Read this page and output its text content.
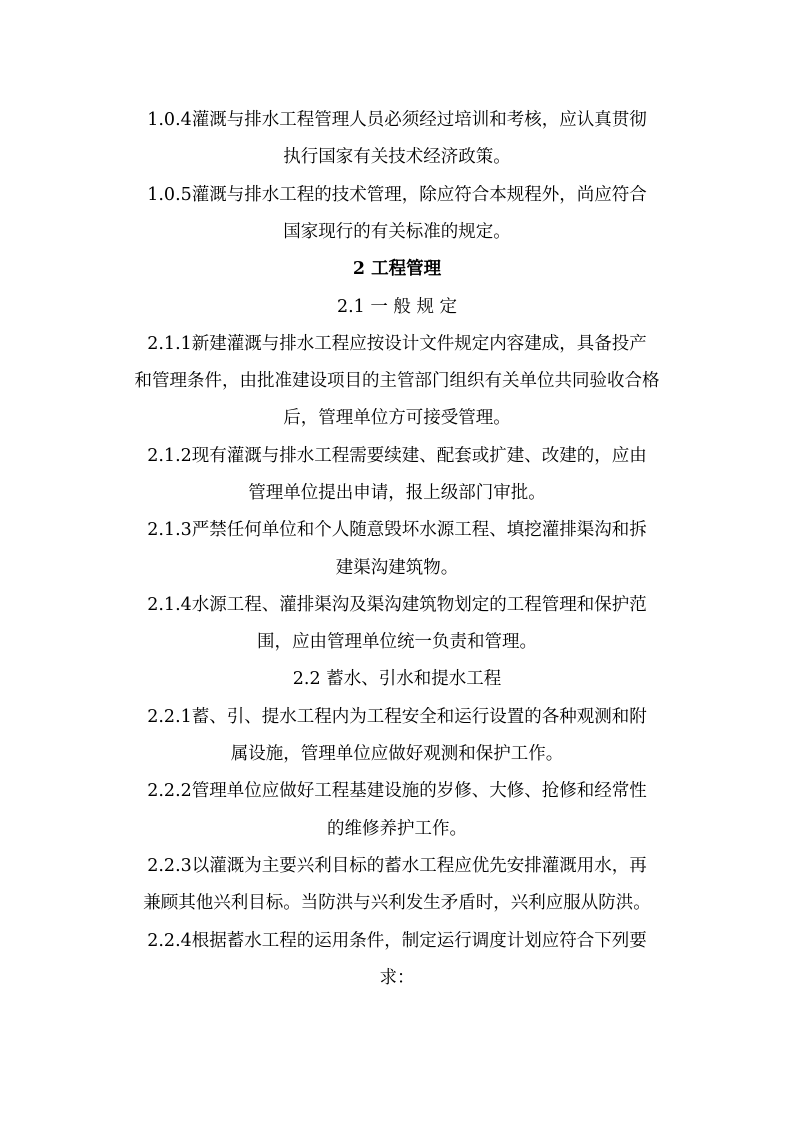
1.0.4灌溉与排水工程管理人员必须经过培训和考核，应认真贯彻
执行国家有关技术经济政策。
1.0.5灌溉与排水工程的技术管理，除应符合本规程外，尚应符合
国家现行的有关标准的规定。
2 工程管理
2.1 一 般 规 定
2.1.1新建灌溉与排水工程应按设计文件规定内容建成，具备投产
和管理条件，由批准建设项目的主管部门组织有关单位共同验收合格
后，管理单位方可接受管理。
2.1.2现有灌溉与排水工程需要续建、配套或扩建、改建的，应由
管理单位提出申请，报上级部门审批。
2.1.3严禁任何单位和个人随意毁坏水源工程、填挖灌排渠沟和拆
建渠沟建筑物。
2.1.4水源工程、灌排渠沟及渠沟建筑物划定的工程管理和保护范
围，应由管理单位统一负责和管理。
2.2 蓄水、引水和提水工程
2.2.1蓄、引、提水工程内为工程安全和运行设置的各种观测和附
属设施，管理单位应做好观测和保护工作。
2.2.2管理单位应做好工程基建设施的岁修、大修、抢修和经常性
的维修养护工作。
2.2.3以灌溉为主要兴利目标的蓄水工程应优先安排灌溉用水，再
兼顾其他兴利目标。当防洪与兴利发生矛盾时，兴利应服从防洪。
2.2.4根据蓄水工程的运用条件，制定运行调度计划应符合下列要
求：
